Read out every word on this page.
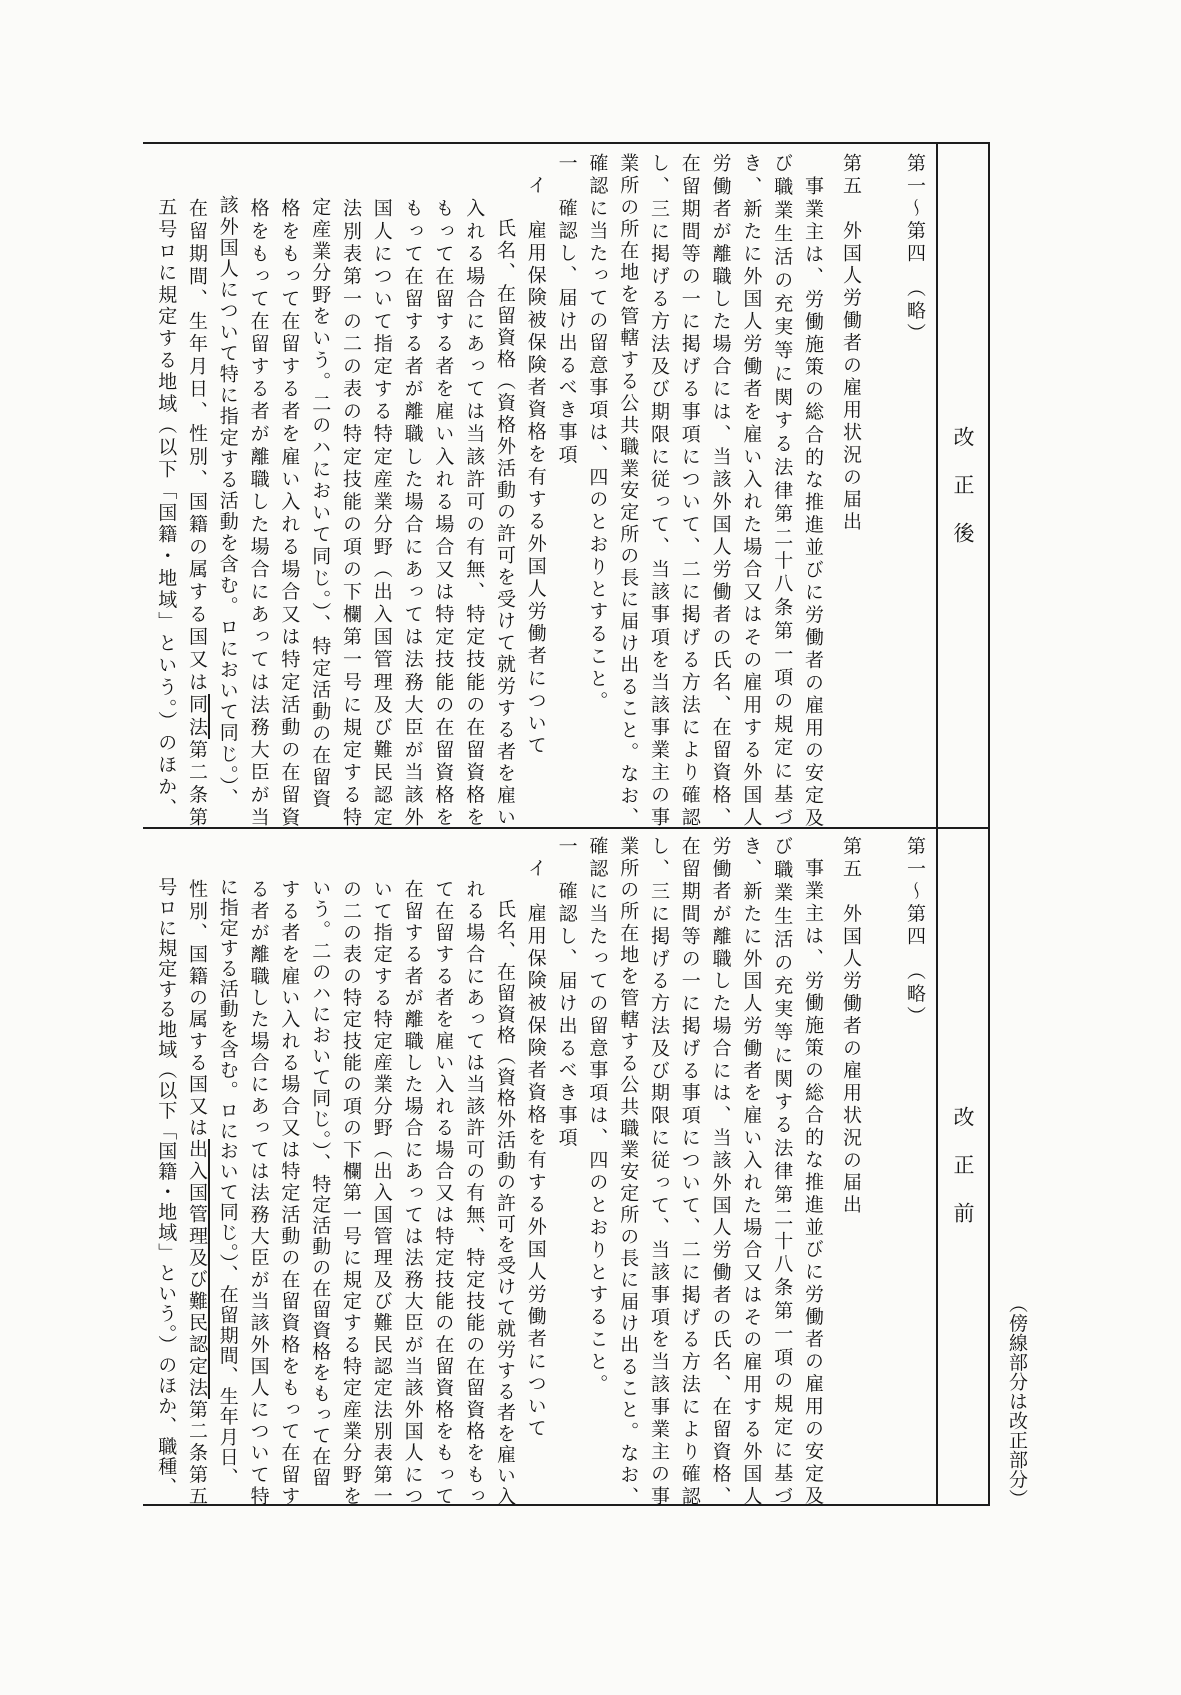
改正後
改正前
第一～第四　（略）
第五　外国人労働者の雇用状況の届出
事業主は、労働施策の総合的な推進並びに労働者の雇用の安定及
び職業生活の充実等に関する法律第二十八条第一項の規定に基づ
き、新たに外国人労働者を雇い入れた場合又はその雇用する外国人
労働者が離職した場合には、当該外国人労働者の氏名、在留資格、
在留期間等の一に掲げる事項について、二に掲げる方法により確認
し、三に掲げる方法及び期限に従って、当該事項を当該事業主の事
業所の所在地を管轄する公共職業安定所の長に届け出ること。なお、
確認に当たっての留意事項は、四のとおりとすること。
一　確認し、届け出るべき事項
イ　雇用保険被保険者資格を有する外国人労働者について
氏名、在留資格（資格外活動の許可を受けて就労する者を雇い
入れる場合にあっては当該許可の有無、特定技能の在留資格を
もって在留する者を雇い入れる場合又は特定技能の在留資格を
もって在留する者が離職した場合にあっては法務大臣が当該外
国人について指定する特定産業分野（出入国管理及び難民認定
法別表第一の二の表の特定技能の項の下欄第一号に規定する特
定産業分野をいう。二のハにおいて同じ。）、特定活動の在留資
格をもって在留する者を雇い入れる場合又は特定活動の在留資
格をもって在留する者が離職した場合にあっては法務大臣が当
該外国人について特に指定する活動を含む。ロにおいて同じ。）、
在留期間、生年月日、性別、国籍の属する国又は同法第二条第
五号ロに規定する地域（以下「国籍・地域」という。）のほか、
第一～第四　（略）
第五　外国人労働者の雇用状況の届出
事業主は、労働施策の総合的な推進並びに労働者の雇用の安定及
び職業生活の充実等に関する法律第二十八条第一項の規定に基づ
き、新たに外国人労働者を雇い入れた場合又はその雇用する外国人
労働者が離職した場合には、当該外国人労働者の氏名、在留資格、
在留期間等の一に掲げる事項について、二に掲げる方法により確認
し、三に掲げる方法及び期限に従って、当該事項を当該事業主の事
業所の所在地を管轄する公共職業安定所の長に届け出ること。なお、
確認に当たっての留意事項は、四のとおりとすること。
一　確認し、届け出るべき事項
イ　雇用保険被保険者資格を有する外国人労働者について
氏名、在留資格（資格外活動の許可を受けて就労する者を雇い入
れる場合にあっては当該許可の有無、特定技能の在留資格をもっ
て在留する者を雇い入れる場合又は特定技能の在留資格をもって
在留する者が離職した場合にあっては法務大臣が当該外国人につ
いて指定する特定産業分野（出入国管理及び難民認定法別表第一
の二の表の特定技能の項の下欄第一号に規定する特定産業分野を
いう。二のハにおいて同じ。）、特定活動の在留資格をもって在留
する者を雇い入れる場合又は特定活動の在留資格をもって在留す
る者が離職した場合にあっては法務大臣が当該外国人について特
に指定する活動を含む。ロにおいて同じ。）、在留期間、生年月日、
性別、国籍の属する国又は出入国管理及び難民認定法第二条第五
号ロに規定する地域（以下「国籍・地域」という。）のほか、職種、	（傍線部分は改正部分）
